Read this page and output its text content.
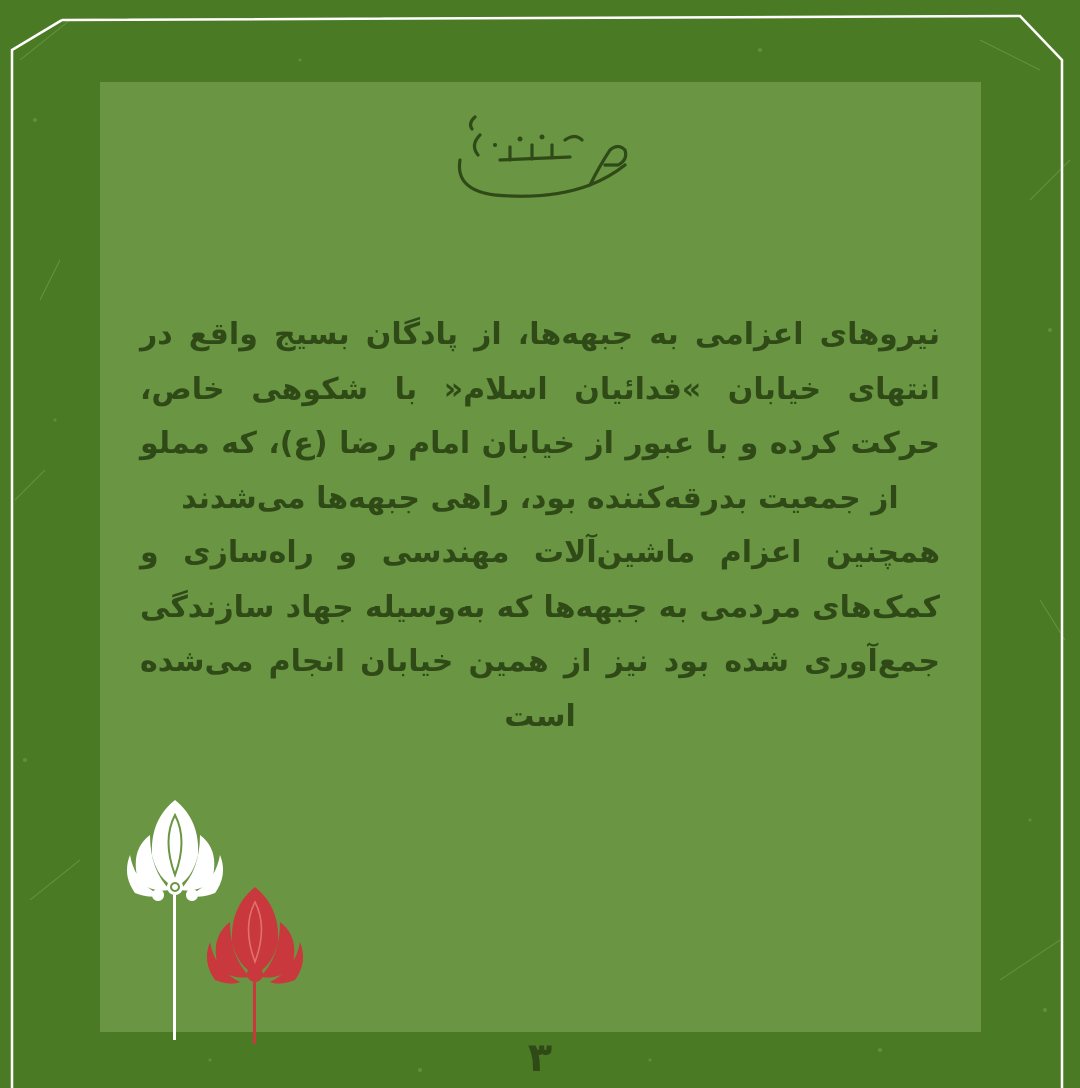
نیروهای اعزامی به جبهه‌ها، از پادگان بسیج واقع در انتهای خیابان »فدائیان اسلام« با شکوهی خاص، حرکت کرده و با عبور از خیابان امام رضا (ع)، که مملو از جمعیت بدرقه‌کننده بود، راهی جبهه‌ها می‌شدند

همچنین اعزام ماشین‌آلات مهندسی و راه‌سازی و کمک‌های مردمی به جبهه‌ها که به‌وسیله جهاد سازندگی جمع‌آوری شده بود نیز از همین خیابان انجام می‌شده است

۳
